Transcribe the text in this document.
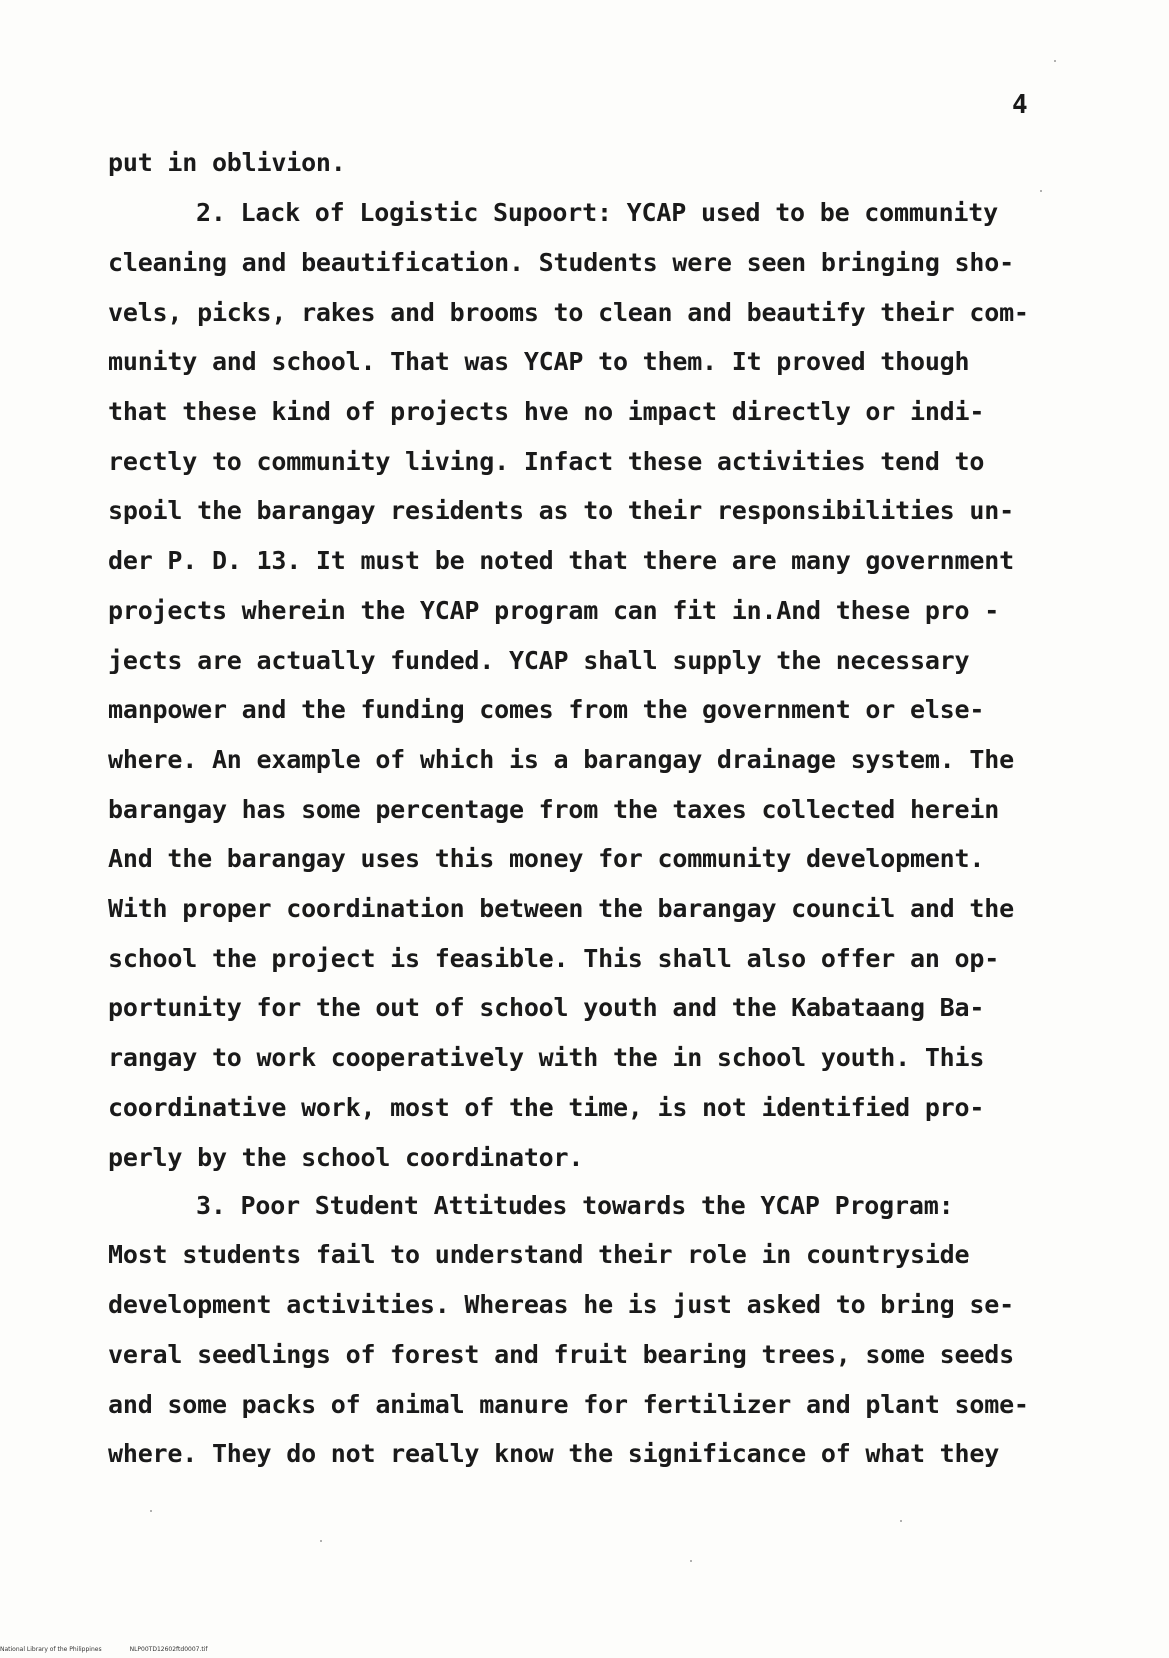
4
put in oblivion.
2. Lack of Logistic Supoort: YCAP used to be community
cleaning and beautification. Students were seen bringing sho-
vels, picks, rakes and brooms to clean and beautify their com-
munity and school. That was YCAP to them. It proved though
that these kind of projects hve no impact directly or indi-
rectly to community living. Infact these activities tend to
spoil the barangay residents as to their responsibilities un-
der P. D. 13. It must be noted that there are many government
projects wherein the YCAP program can fit in.And these pro -
jects are actually funded. YCAP shall supply the necessary
manpower and the funding comes from the government or else-
where. An example of which is a barangay drainage system. The
barangay has some percentage from the taxes collected herein
And the barangay uses this money for community development.
With proper coordination between the barangay council and the
school the project is feasible. This shall also offer an op-
portunity for the out of school youth and the Kabataang Ba-
rangay to work cooperatively with the in school youth. This
coordinative work, most of the time, is not identified pro-
perly by the school coordinator.
3. Poor Student Attitudes towards the YCAP Program:
Most students fail to understand their role in countryside
development activities. Whereas he is just asked to bring se-
veral seedlings of forest and fruit bearing trees, some seeds
and some packs of animal manure for fertilizer and plant some-
where. They do not really know the significance of what they
National Library of the Philippines	NLP00TD12602ftd0007.tif
